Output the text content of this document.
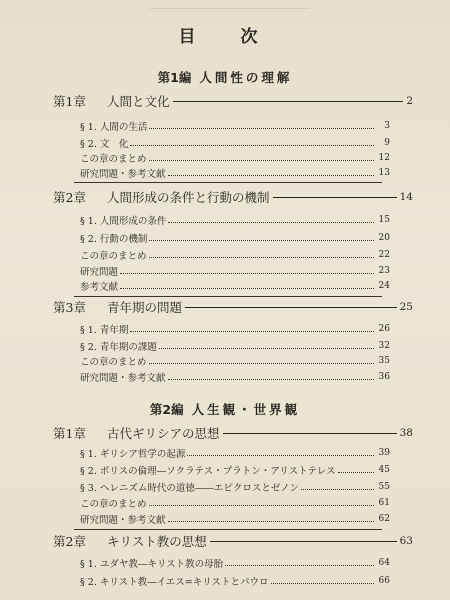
目　次
第1編 人間性の理解
第1章	人間と文化	2
§ 1. 人間の生活	3
§ 2. 文　化	9
この章のまとめ	12
研究問題・参考文献	13
第2章	人間形成の条件と行動の機制	14
§ 1. 人間形成の条件	15
§ 2. 行動の機制	20
この章のまとめ	22
研究問題	23
参考文献	24
第3章	青年期の問題	25
§ 1. 青年期	26
§ 2. 青年期の課題	32
この章のまとめ	35
研究問題・参考文献	36
第2編 人生観・世界観
第1章	古代ギリシアの思想	38
§ 1. ギリシア哲学の起源	39
§ 2. ポリスの倫理―ソクラテス・プラトン・アリストテレス	45
§ 3. ヘレニズム時代の道徳――エピクロスとゼノン	55
この章のまとめ	61
研究問題・参考文献	62
第2章	キリスト教の思想	63
§ 1. ユダヤ教―キリスト教の母胎	64
§ 2. キリスト教―イエス=キリストとパウロ	66
